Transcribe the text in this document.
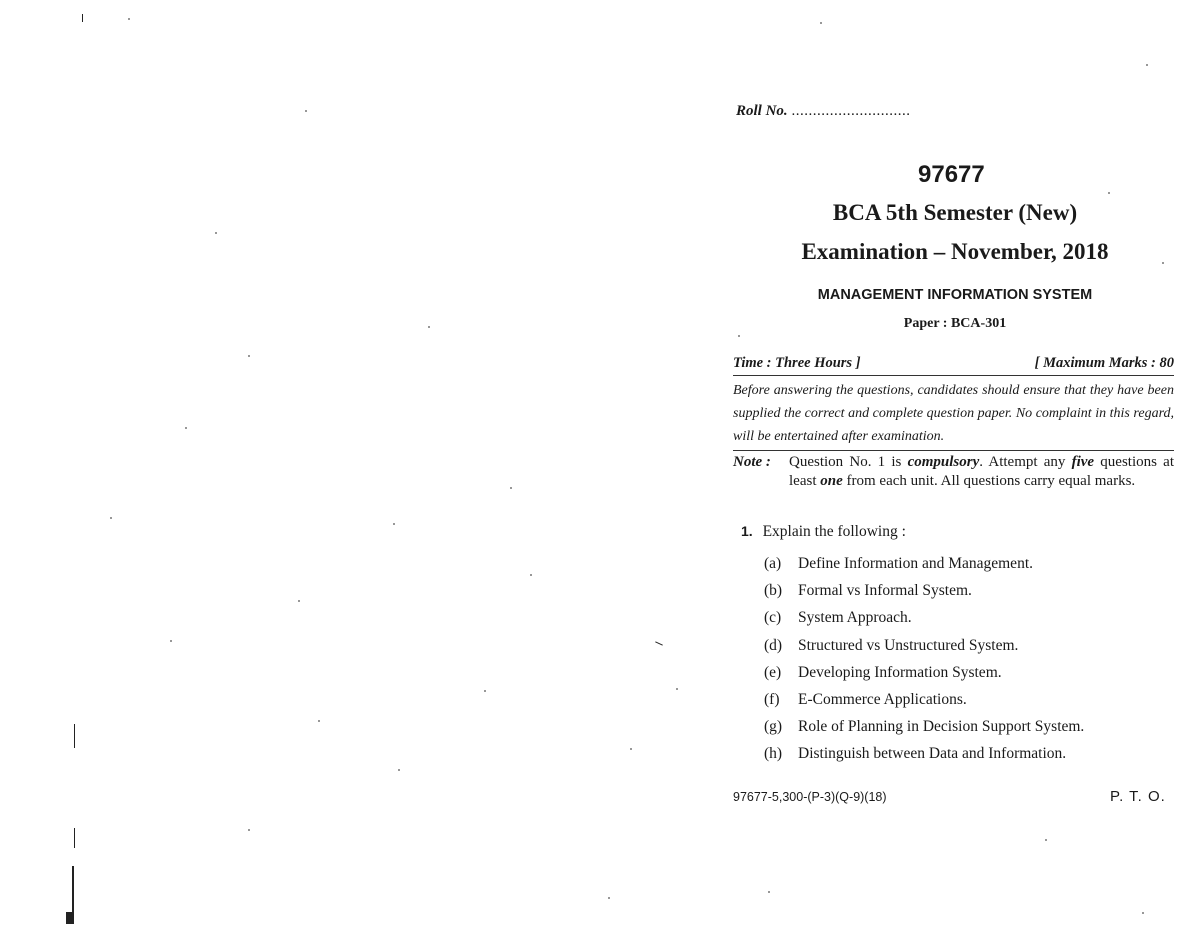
Roll No. ............................
97677
BCA 5th Semester (New)
Examination – November, 2018
MANAGEMENT INFORMATION SYSTEM
Paper : BCA-301
Time : Three Hours ]	[ Maximum Marks : 80
Before answering the questions, candidates should ensure that they have been supplied the correct and complete question paper. No complaint in this regard, will be entertained after examination.
Note : Question No. 1 is compulsory. Attempt any five questions at least one from each unit. All questions carry equal marks.
1. Explain the following :
(a) Define Information and Management.
(b) Formal vs Informal System.
(c) System Approach.
(d) Structured vs Unstructured System.
(e) Developing Information System.
(f) E-Commerce Applications.
(g) Role of Planning in Decision Support System.
(h) Distinguish between Data and Information.
97677-5,300-(P-3)(Q-9)(18)	P. T. O.
